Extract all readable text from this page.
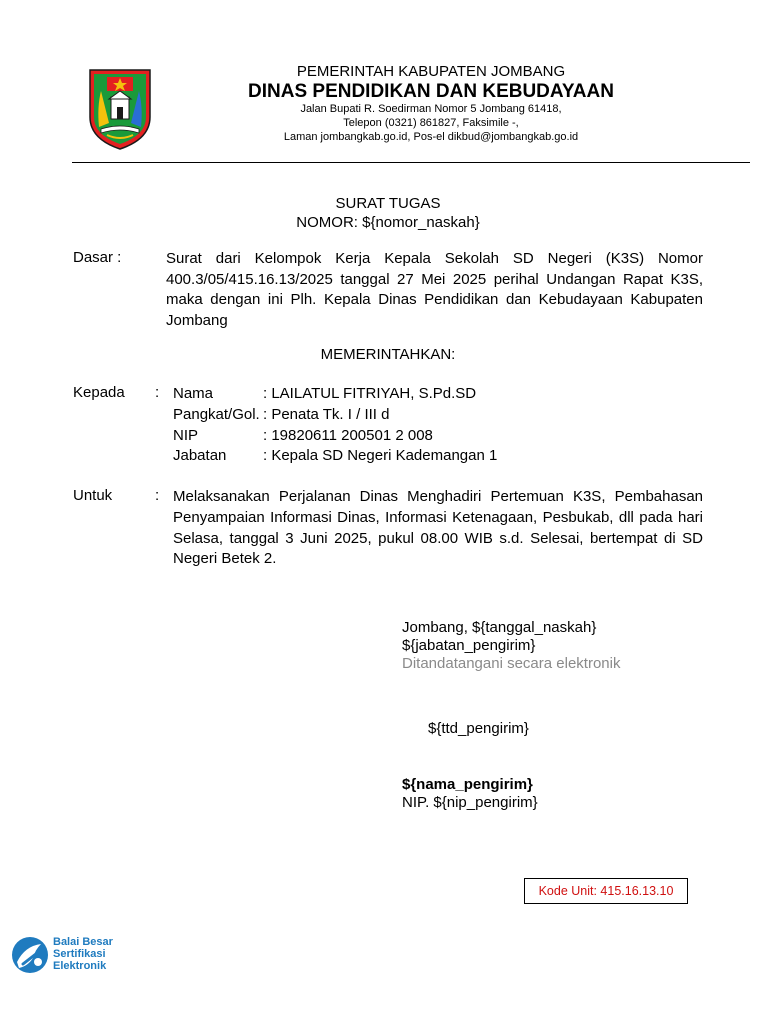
PEMERINTAH KABUPATEN JOMBANG
DINAS PENDIDIKAN DAN KEBUDAYAAN
Jalan Bupati R. Soedirman Nomor 5 Jombang 61418,
Telepon (0321) 861827, Faksimile -,
Laman jombangkab.go.id, Pos-el dikbud@jombangkab.go.id
SURAT TUGAS
NOMOR: ${nomor_naskah}
Dasar :	Surat dari Kelompok Kerja Kepala Sekolah SD Negeri (K3S) Nomor 400.3/05/415.16.13/2025 tanggal 27 Mei 2025 perihal Undangan Rapat K3S, maka dengan ini Plh. Kepala Dinas Pendidikan dan Kebudayaan Kabupaten Jombang
MEMERINTAHKAN:
Kepada : Nama	: LAILATUL FITRIYAH, S.Pd.SD
Pangkat/Gol. : Penata Tk. I / III d
NIP	: 19820611 200501 2 008
Jabatan	: Kepala SD Negeri Kademangan 1
Untuk	: Melaksanakan Perjalanan Dinas Menghadiri Pertemuan K3S, Pembahasan Penyampaian Informasi Dinas, Informasi Ketenagaan, Pesbukab, dll pada hari Selasa, tanggal 3 Juni 2025, pukul 08.00 WIB s.d. Selesai, bertempat di SD Negeri Betek 2.
Jombang, ${tanggal_naskah}
${jabatan_pengirim}
Ditandatangani secara elektronik
${ttd_pengirim}
${nama_pengirim}
NIP. ${nip_pengirim}
Kode Unit: 415.16.13.10
Balai Besar
Sertifikasi
Elektronik
